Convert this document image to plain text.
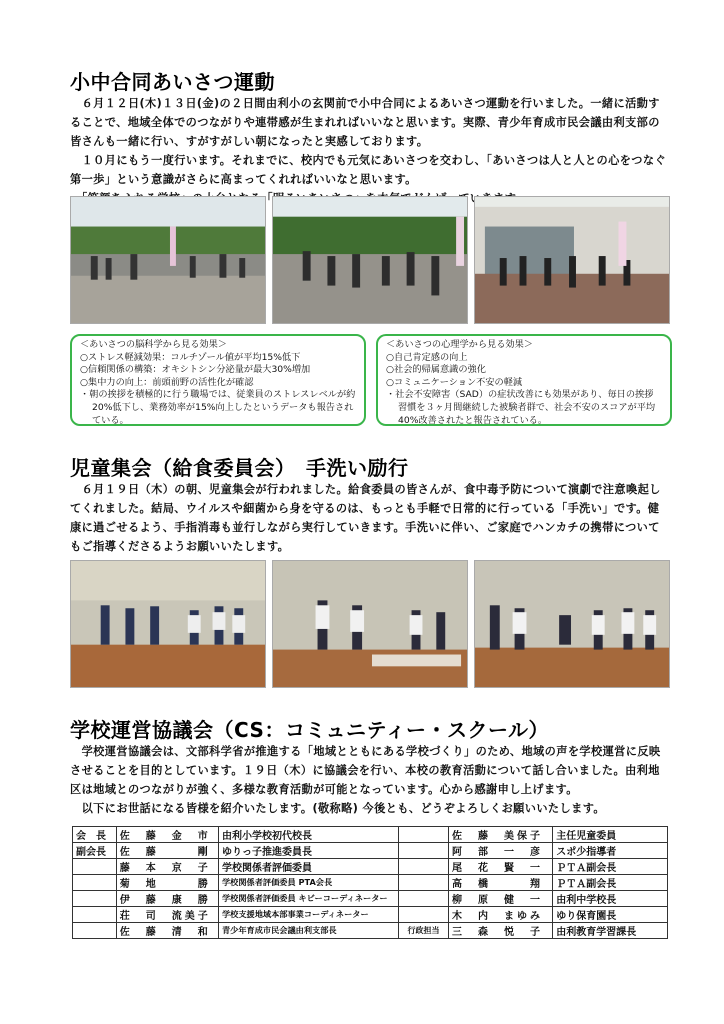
小中合同あいさつ運動

　６月１２日(木)１３日(金)の２日間由利小の玄関前で小中合同によるあいさつ運動を行いました。一緒に活動することで、地域全体でのつながりや連帯感が生まれればいいなと思います。実際、青少年育成市民会議由利支部の皆さんも一緒に行い、すがすがしい朝になったと実感しております。

　１０月にもう一度行います。それまでに、校内でも元気にあいさつを交わし、「あいさつは人と人との心をつなぐ第一歩」という意識がさらに高まってくれればいいなと思います。

＜あいさつの脳科学から見る効果＞
○ストレス軽減効果：コルチゾール値が平均15%低下
○信頼関係の構築：オキシトシン分泌量が最大30%増加
○集中力の向上：前頭前野の活性化が確認
・朝の挨拶を積極的に行う職場では、従業員のストレスレベルが約20%低下し、業務効率が15%向上したというデータも報告されている。
＜あいさつの心理学から見る効果＞
○自己肯定感の向上
○社会的帰属意識の強化
○コミュニケーション不安の軽減
・社会不安障害（SAD）の症状改善にも効果があり、毎日の挨拶習慣を３ヶ月間継続した被験者群で、社会不安のスコアが平均40%改善されたと報告されている。
児童集会（給食委員会）　手洗い励行

　６月１９日（木）の朝、児童集会が行われました。給食委員の皆さんが、食中毒予防について演劇で注意喚起してくれました。結局、ウイルスや細菌から身を守るのは、もっとも手軽で日常的に行っている「手洗い」です。健康に過ごせるよう、手指消毒も並行しながら実行していきます。手洗いに伴い、ご家庭でハンカチの携帯についてもご指導くださるようお願いいたします。

学校運営協議会（CS：コミュニティー・スクール）

　学校運営協議会は、文部科学省が推進する「地域とともにある学校づくり」のため、地域の声を学校運営に反映させることを目的としています。１９日（木）に協議会を行い、本校の教育活動について話し合いました。由利地区は地域とのつながりが強く、多様な教育活動が可能となっています。心から感謝申し上げます。

　以下にお世話になる皆様を紹介いたします。(敬称略) 今後とも、どうぞよろしくお願いいたします。

会　長	佐　藤　金　市	由利小学校初代校長		佐　藤　美保子	主任児童委員
副会長	佐　藤　　　剛	ゆりっ子推進委員長		阿　部　一　彦	スポ少指導者
	藤　本　京　子	学校関係者評価委員		尾　花　賢　一	ＰＴＡ副会長
	菊　地　　　勝	学校関係者評価委員 PTA会長		高　橋　　　翔	ＰＴＡ副会長
	伊　藤　康　勝	学校関係者評価委員 キビーコーディネーター		柳　原　健　一	由利中学校長
	荘　司　流美子	学校支援地域本部事業コーディネーター		木　内　まゆみ	ゆり保育園長
	佐　藤　清　和	青少年育成市民会議由利支部長	行政担当	三　森　悦　子	由利教育学習課長
